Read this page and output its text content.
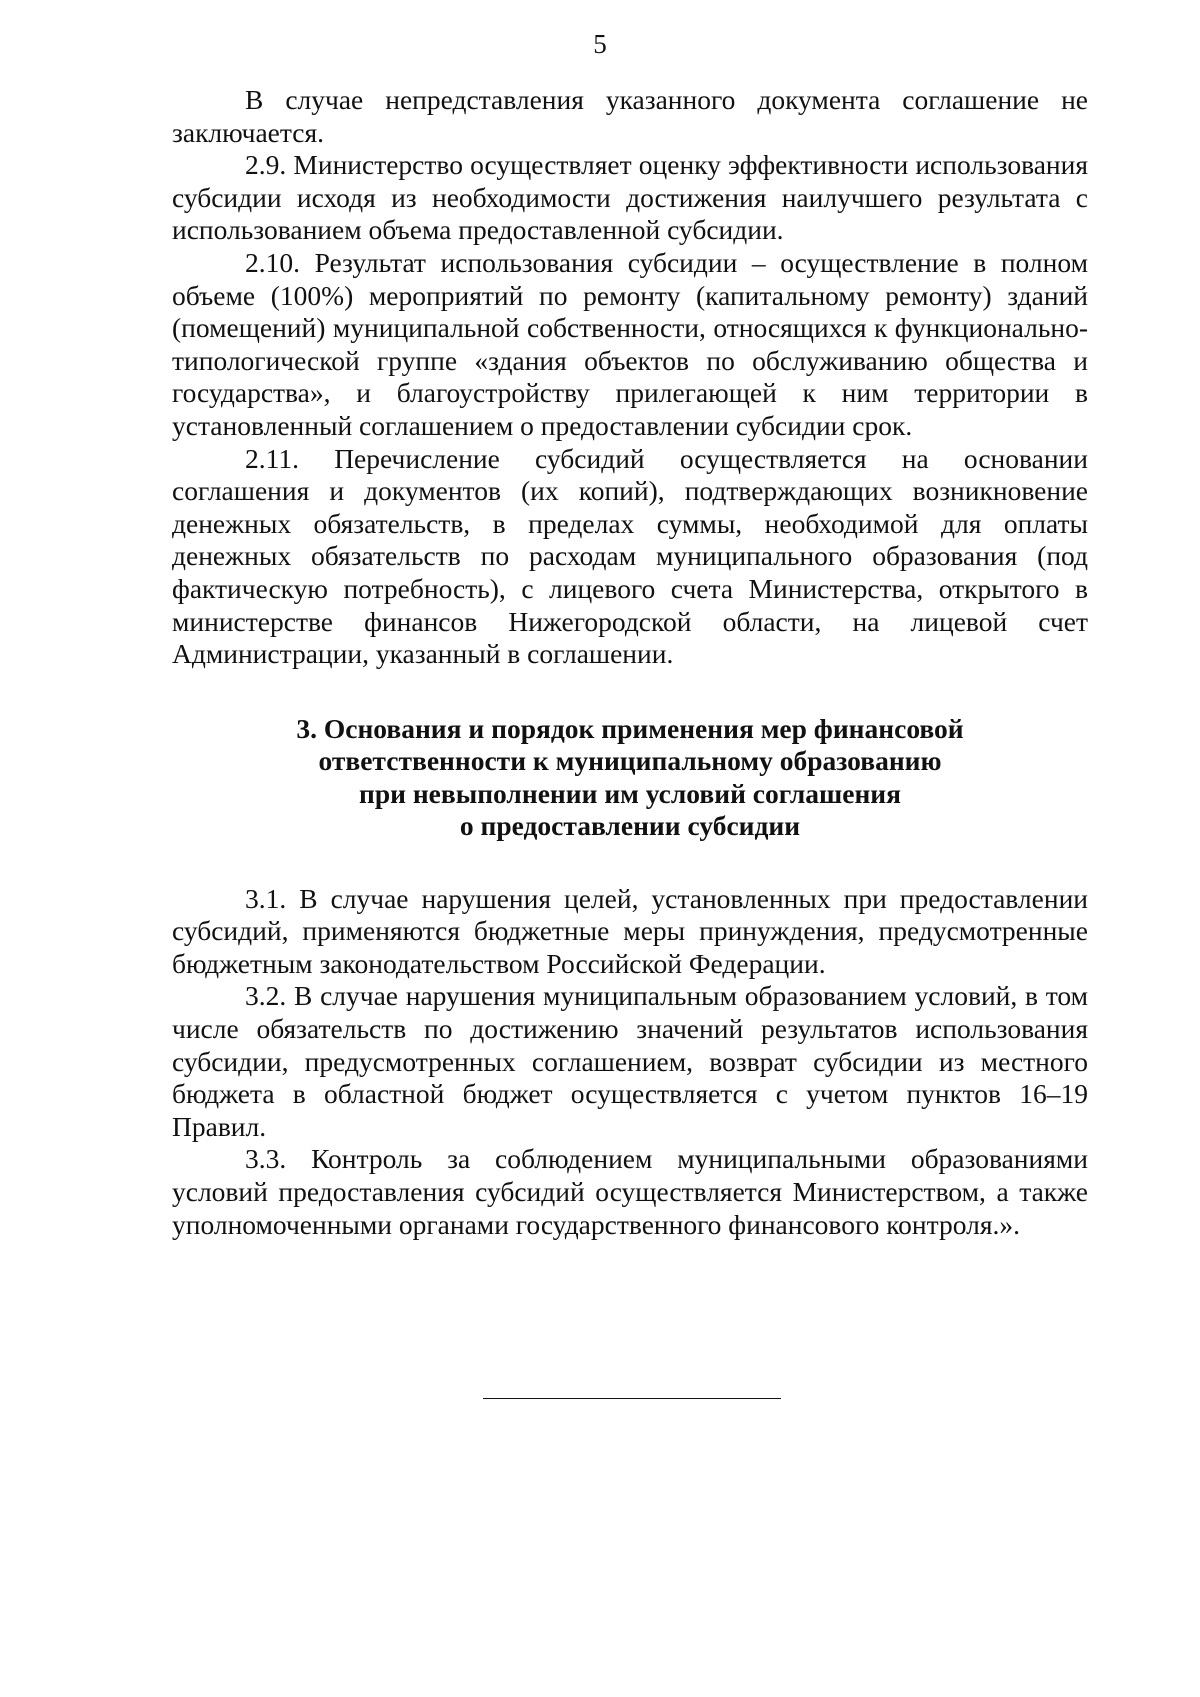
5

В случае непредставления указанного документа соглашение не заключается.

2.9. Министерство осуществляет оценку эффективности использования субсидии исходя из необходимости достижения наилучшего результата с использованием объема предоставленной субсидии.

2.10. Результат использования субсидии – осуществление в полном объеме (100%) мероприятий по ремонту (капитальному ремонту) зданий (помещений) муниципальной собственности, относящихся к функционально-типологической группе «здания объектов по обслуживанию общества и государства», и благоустройству прилегающей к ним территории в установленный соглашением о предоставлении субсидии срок.

2.11. Перечисление субсидий осуществляется на основании соглашения и документов (их копий), подтверждающих возникновение денежных обязательств, в пределах суммы, необходимой для оплаты денежных обязательств по расходам муниципального образования (под фактическую потребность), с лицевого счета Министерства, открытого в министерстве финансов Нижегородской области, на лицевой счет Администрации, указанный в соглашении.

3. Основания и порядок применения мер финансовой
ответственности к муниципальному образованию
при невыполнении им условий соглашения
о предоставлении субсидии

3.1. В случае нарушения целей, установленных при предоставлении субсидий, применяются бюджетные меры принуждения, предусмотренные бюджетным законодательством Российской Федерации.

3.2. В случае нарушения муниципальным образованием условий, в том числе обязательств по достижению значений результатов использования субсидии, предусмотренных соглашением, возврат субсидии из местного бюджета в областной бюджет осуществляется с учетом пунктов 16–19 Правил.

3.3. Контроль за соблюдением муниципальными образованиями условий предоставления субсидий осуществляется Министерством, а также уполномоченными органами государственного финансового контроля.».
